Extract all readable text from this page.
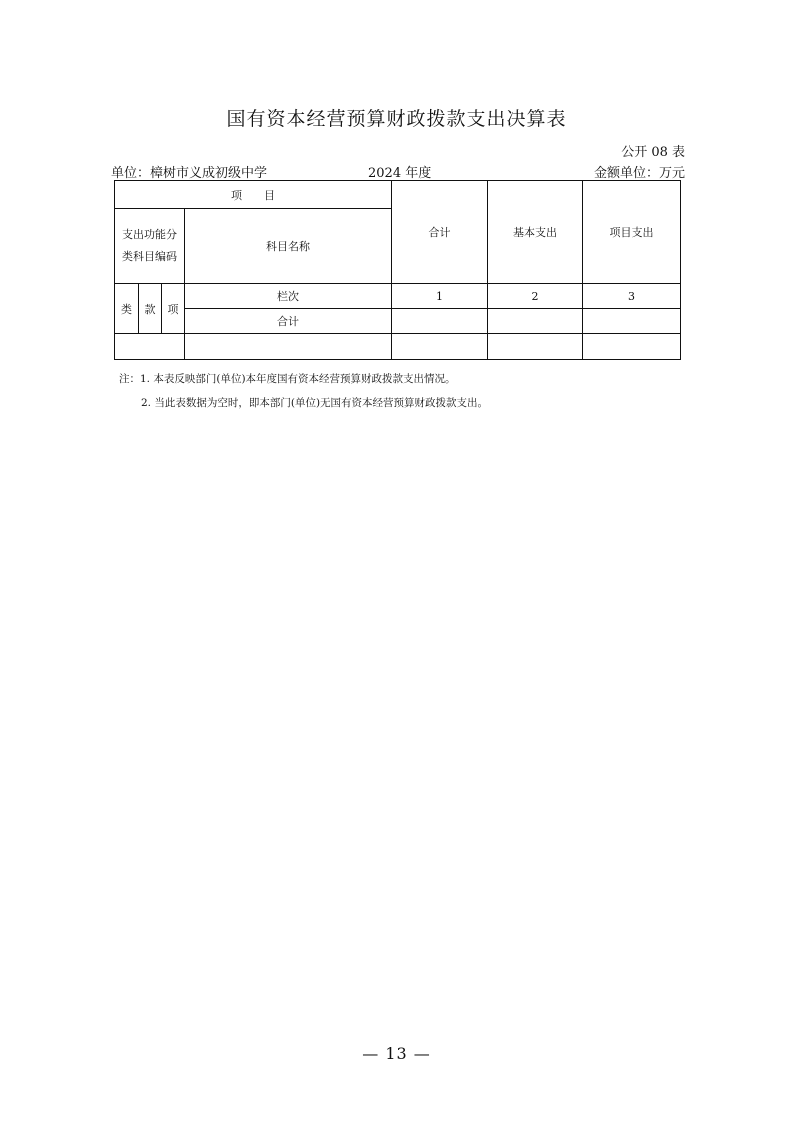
国有资本经营预算财政拨款支出决算表
公开 08 表
单位：樟树市义成初级中学	2024 年度	金额单位：万元
项　　目				合计	基本支出	项目支出
支出功能分类科目编码			科目名称			
类	款	项	栏次	1	2	3
			合计			

注：1. 本表反映部门(单位)本年度国有资本经营预算财政拨款支出情况。
2. 当此表数据为空时，即本部门(单位)无国有资本经营预算财政拨款支出。
— 13 —
